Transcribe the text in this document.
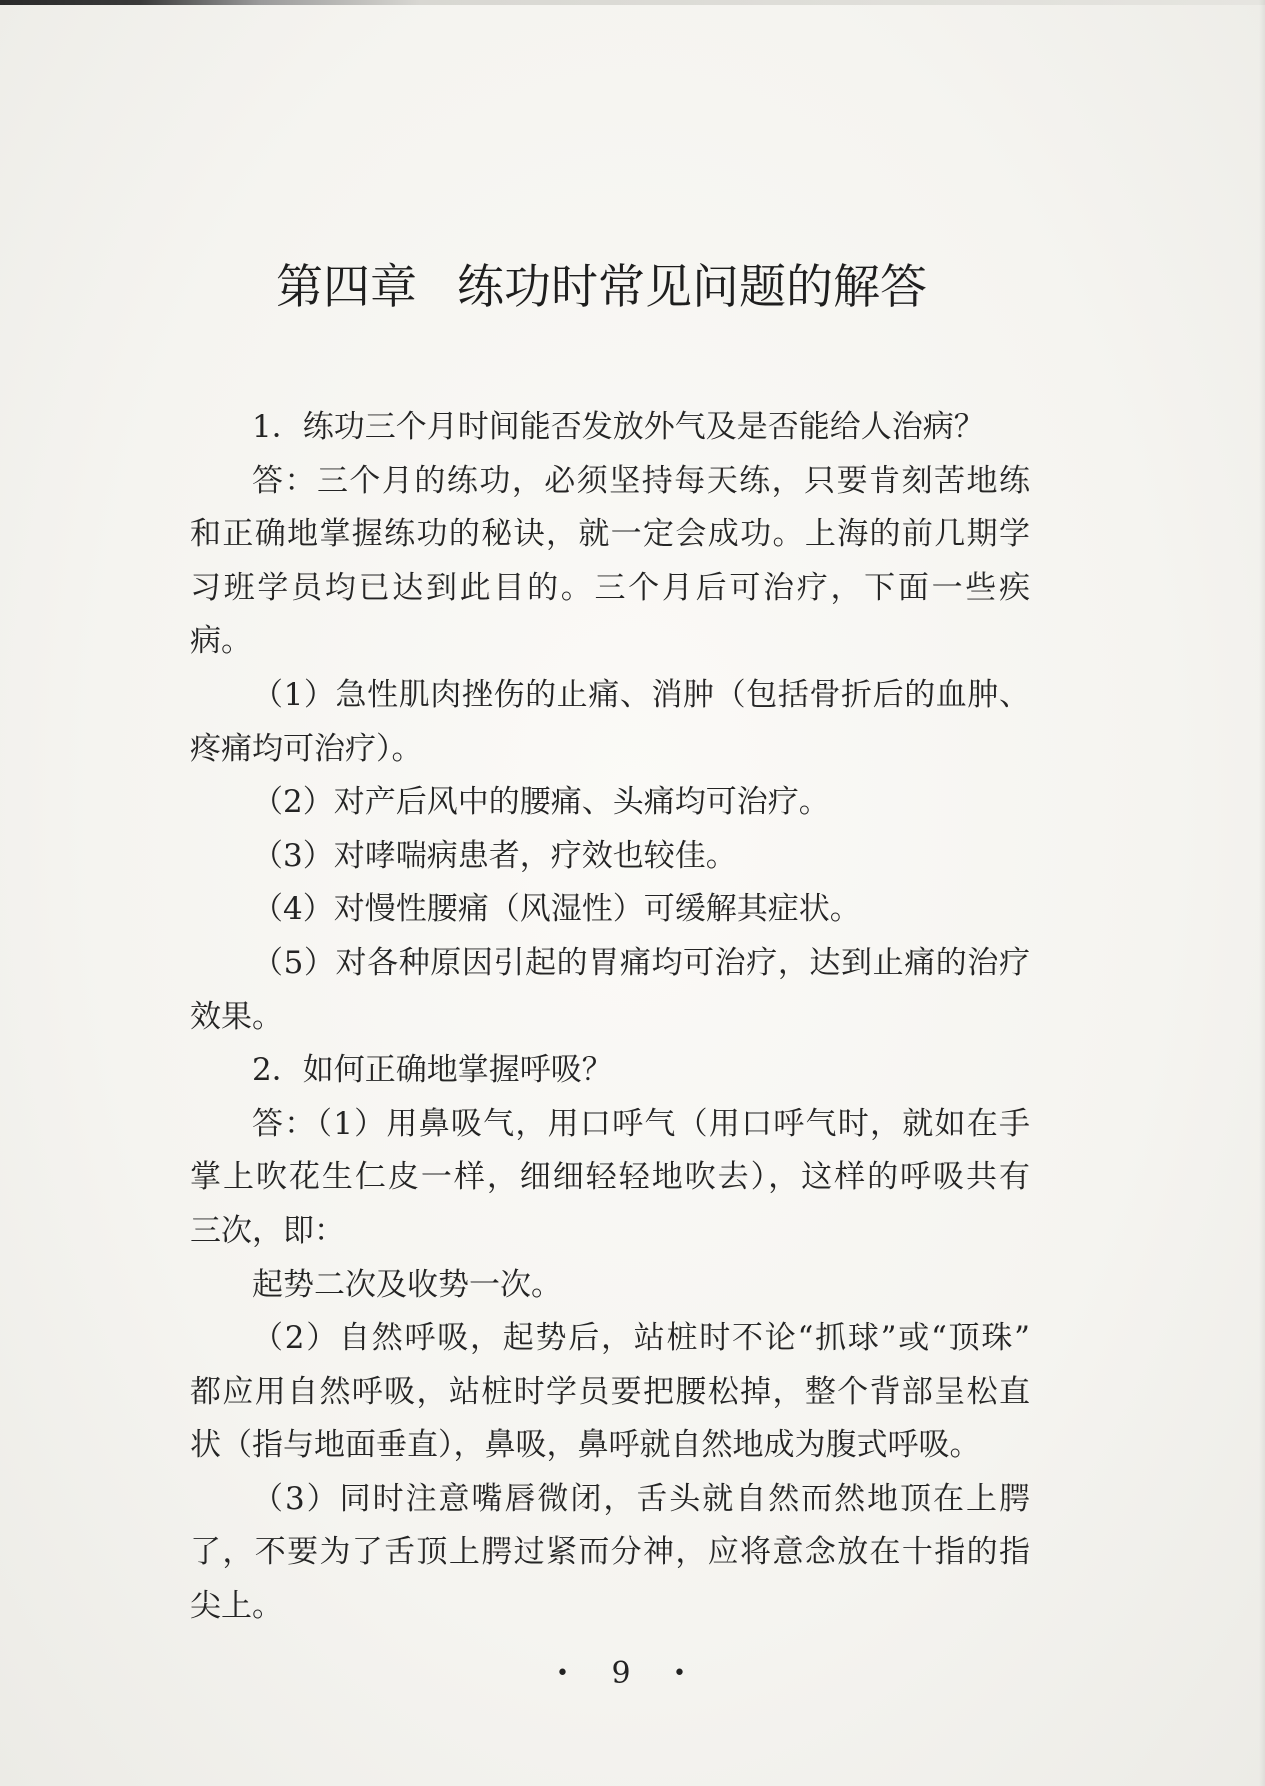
第四章 练功时常见问题的解答
1．练功三个月时间能否发放外气及是否能给人治病？
答：三个月的练功，必须坚持每天练，只要肯刻苦地练
和正确地掌握练功的秘诀，就一定会成功。上海的前几期学
习班学员均已达到此目的。三个月后可治疗，下面一些疾
病。
（1）急性肌肉挫伤的止痛、消肿（包括骨折后的血肿、
疼痛均可治疗）。
（2）对产后风中的腰痛、头痛均可治疗。
（3）对哮喘病患者，疗效也较佳。
（4）对慢性腰痛（风湿性）可缓解其症状。
（5）对各种原因引起的胃痛均可治疗，达到止痛的治疗
效果。
2．如何正确地掌握呼吸？
答：（1）用鼻吸气，用口呼气（用口呼气时，就如在手
掌上吹花生仁皮一样，细细轻轻地吹去），这样的呼吸共有
三次，即：
起势二次及收势一次。
（2）自然呼吸，起势后，站桩时不论“抓球”或“顶珠”
都应用自然呼吸，站桩时学员要把腰松掉，整个背部呈松直
状（指与地面垂直），鼻吸，鼻呼就自然地成为腹式呼吸。
（3）同时注意嘴唇微闭，舌头就自然而然地顶在上腭
了，不要为了舌顶上腭过紧而分神，应将意念放在十指的指
尖上。
• 9 •
